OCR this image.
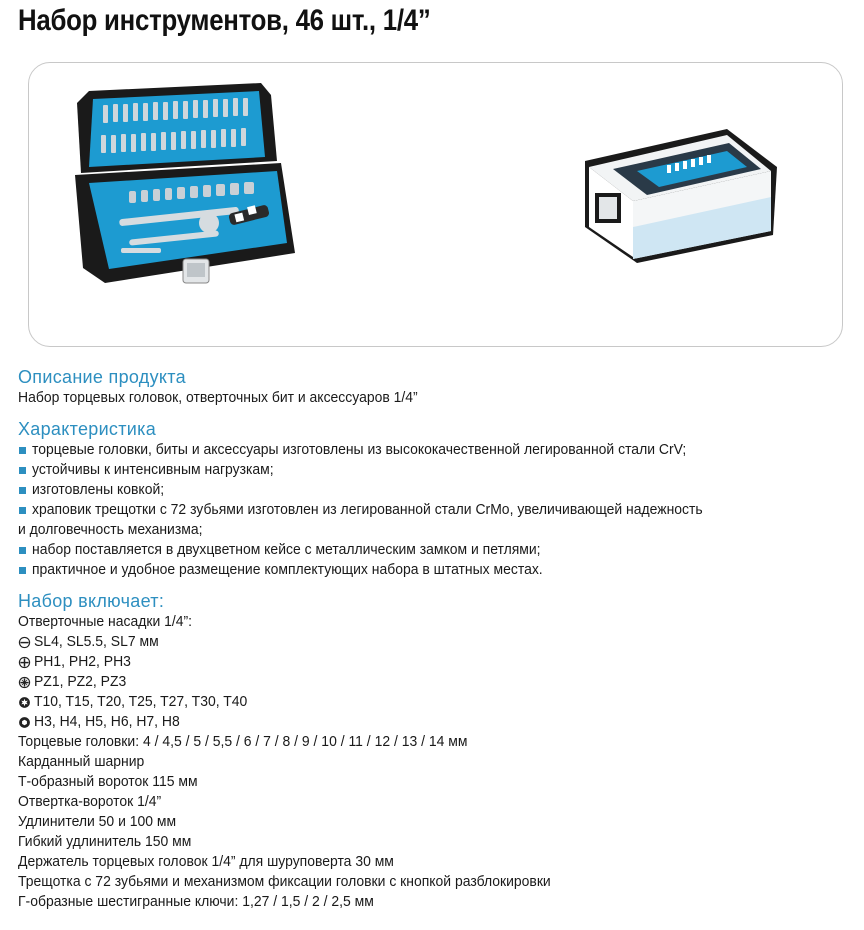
Набор инструментов, 46 шт., 1/4”
Описание продукта
Набор торцевых головок, отверточных бит и аксессуаров 1/4”
Характеристика
торцевые головки, биты и аксессуары изготовлены из высококачественной легированной стали CrV;
устойчивы к интенсивным нагрузкам;
изготовлены ковкой;
храповик трещотки с 72 зубьями изготовлен из легированной стали CrMo, увеличивающей надежность
и долговечность механизма;
набор поставляется в двухцветном кейсе с металлическим замком и петлями;
практичное и удобное размещение комплектующих набора в штатных местах.
Набор включает:
Отверточные насадки 1/4”:
SL4, SL5.5, SL7 мм
PH1, PH2, PH3
PZ1, PZ2, PZ3
T10, T15, T20, T25, T27, T30, T40
H3, H4, H5, H6, H7, H8
Торцевые головки: 4 / 4,5 / 5 / 5,5 / 6 / 7 / 8 / 9 / 10 / 11 / 12 / 13 / 14 мм
Карданный шарнир
Т-образный вороток 115 мм
Отвертка-вороток 1/4”
Удлинители 50 и 100 мм
Гибкий удлинитель 150 мм
Держатель торцевых головок 1/4” для шуруповерта 30 мм
Трещотка с 72 зубьями и механизмом фиксации головки с кнопкой разблокировки
Г-образные шестигранные ключи: 1,27 / 1,5 / 2 / 2,5 мм
